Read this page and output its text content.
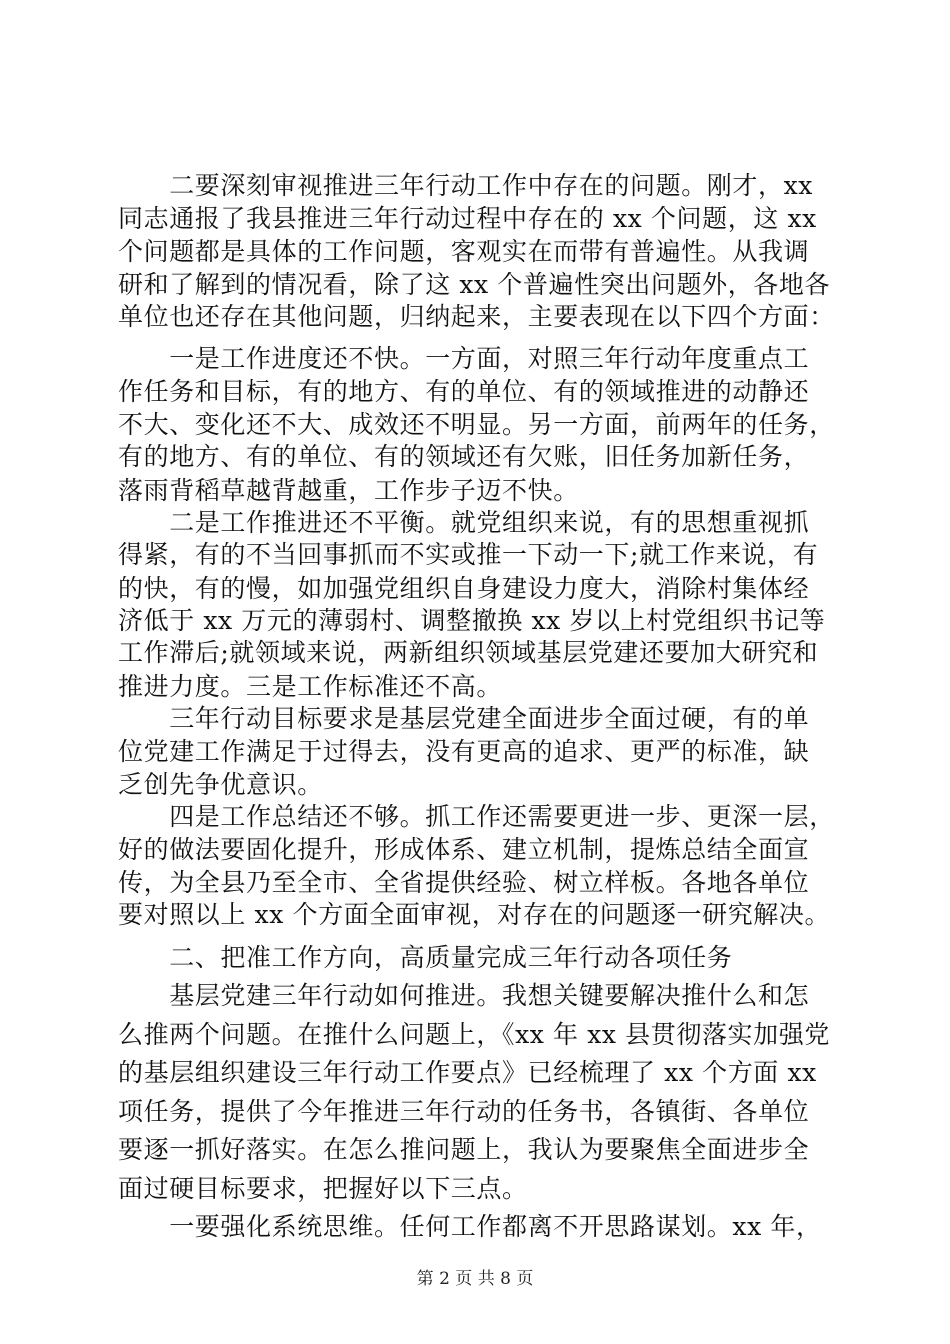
　　二要深刻审视推进三年行动工作中存在的问题。刚才，xx
同志通报了我县推进三年行动过程中存在的 xx 个问题，这 xx
个问题都是具体的工作问题，客观实在而带有普遍性。从我调
研和了解到的情况看，除了这 xx 个普遍性突出问题外，各地各
单位也还存在其他问题，归纳起来，主要表现在以下四个方面：
　　一是工作进度还不快。一方面，对照三年行动年度重点工
作任务和目标，有的地方、有的单位、有的领域推进的动静还
不大、变化还不大、成效还不明显。另一方面，前两年的任务，
有的地方、有的单位、有的领域还有欠账，旧任务加新任务，
落雨背稻草越背越重，工作步子迈不快。
　　二是工作推进还不平衡。就党组织来说，有的思想重视抓
得紧，有的不当回事抓而不实或推一下动一下;就工作来说，有
的快，有的慢，如加强党组织自身建设力度大，消除村集体经
济低于 xx 万元的薄弱村、调整撤换 xx 岁以上村党组织书记等
工作滞后;就领域来说，两新组织领域基层党建还要加大研究和
推进力度。三是工作标准还不高。
　　三年行动目标要求是基层党建全面进步全面过硬，有的单
位党建工作满足于过得去，没有更高的追求、更严的标准，缺
乏创先争优意识。
　　四是工作总结还不够。抓工作还需要更进一步、更深一层，
好的做法要固化提升，形成体系、建立机制，提炼总结全面宣
传，为全县乃至全市、全省提供经验、树立样板。各地各单位
要对照以上 xx 个方面全面审视，对存在的问题逐一研究解决。
　　二、把准工作方向，高质量完成三年行动各项任务
　　基层党建三年行动如何推进。我想关键要解决推什么和怎
么推两个问题。在推什么问题上，《xx 年 xx 县贯彻落实加强党
的基层组织建设三年行动工作要点》已经梳理了 xx 个方面 xx
项任务，提供了今年推进三年行动的任务书，各镇街、各单位
要逐一抓好落实。在怎么推问题上，我认为要聚焦全面进步全
面过硬目标要求，把握好以下三点。
　　一要强化系统思维。任何工作都离不开思路谋划。xx 年，
第 2 页 共 8 页
